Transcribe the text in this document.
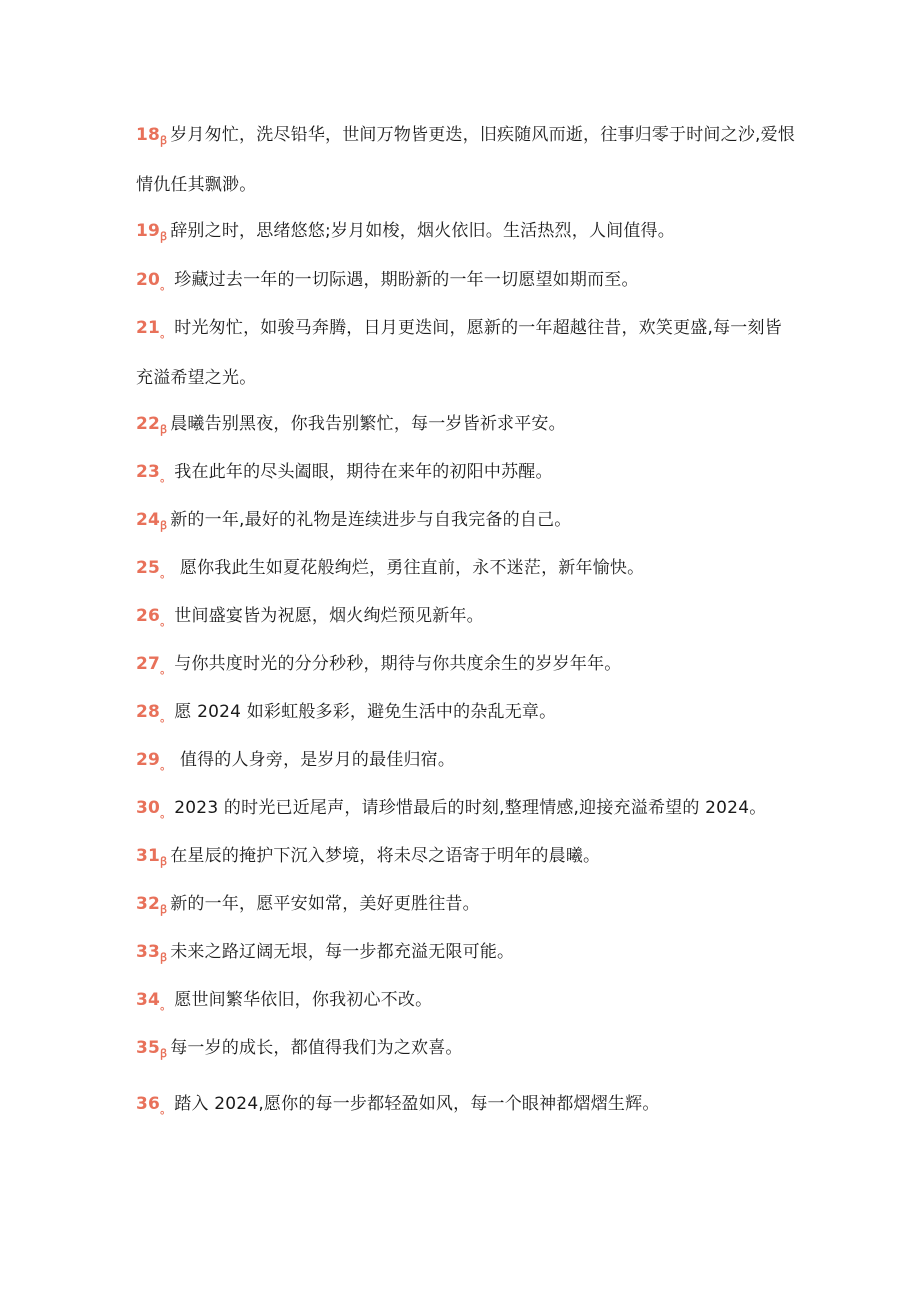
$18_ꞵ$ 岁月匆忙，洗尽铅华，世间万物皆更迭，旧疾随风而逝，往事归零于时间之沙,爱恨情仇任其飘渺。
$19_ꞵ$ 辞别之时，思绪悠悠;岁月如梭，烟火依旧。生活热烈，人间值得。
$20_。$ 珍藏过去一年的一切际遇，期盼新的一年一切愿望如期而至。
$21_。$ 时光匆忙，如骏马奔腾，日月更迭间，愿新的一年超越往昔，欢笑更盛,每一刻皆充溢希望之光。
$22_ꞵ$ 晨曦告别黑夜，你我告别繁忙，每一岁皆祈求平安。
$23_。$ 我在此年的尽头阖眼，期待在来年的初阳中苏醒。
$24_ꞵ$ 新的一年,最好的礼物是连续进步与自我完备的自己。
$25_。$ 愿你我此生如夏花般绚烂，勇往直前，永不迷茫，新年愉快。
$26_。$ 世间盛宴皆为祝愿，烟火绚烂预见新年。
$27_。$ 与你共度时光的分分秒秒，期待与你共度余生的岁岁年年。
$28_。$ 愿 2024 如彩虹般多彩，避免生活中的杂乱无章。
$29_。$ 值得的人身旁，是岁月的最佳归宿。
$30_。$ 2023 的时光已近尾声，请珍惜最后的时刻,整理情感,迎接充溢希望的 2024。
$31_ꞵ$ 在星辰的掩护下沉入梦境，将未尽之语寄于明年的晨曦。
$32_ꞵ$ 新的一年，愿平安如常，美好更胜往昔。
$33_ꞵ$ 未来之路辽阔无垠，每一步都充溢无限可能。
$34_。$ 愿世间繁华依旧，你我初心不改。
$35_ꞵ$ 每一岁的成长，都值得我们为之欢喜。
$36_。$ 踏入 2024,愿你的每一步都轻盈如风，每一个眼神都熠熠生辉。
